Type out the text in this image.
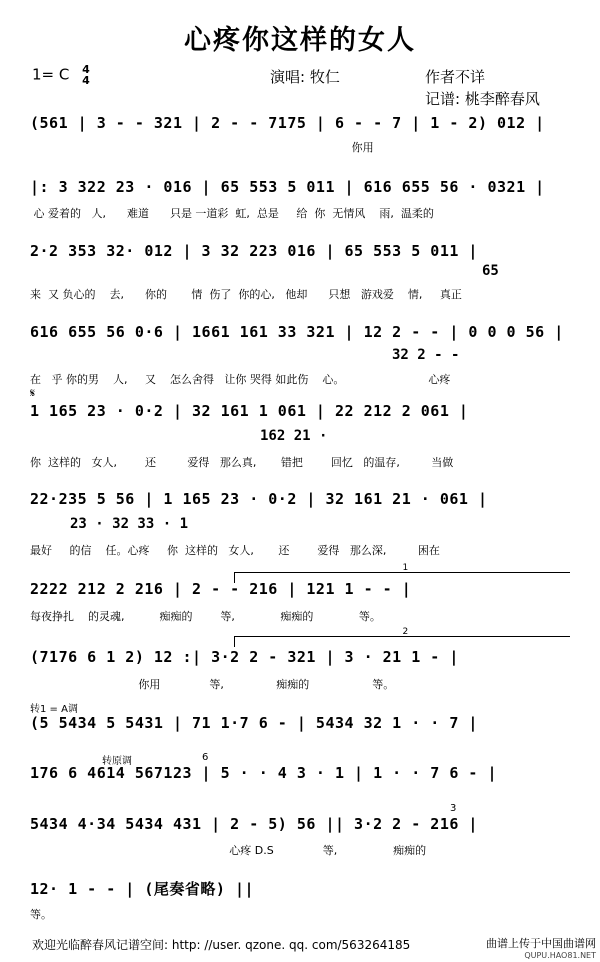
心疼你这样的女人
1= C 4
4	演唱: 牧仁	作者不详
记谱: 桃李醉春风
(561 | 3 - - 321 | 2 - - 7175 | 6 - - 7 | 1 - 2) 012 |
你用
|: 3 322 23 · 016 | 65 553 5 011 | 616 655 56 · 0321 |
心 爱着的   人,      难道      只是 一道彩  虹,  总是     给  你  无情风    雨,  温柔的
2·2 353 32· 012 | 3 32 223 016 | 65 553 5 011 |
65
来  又 负心的    去,      你的       情  伤了  你的心,   他却      只想   游戏爱    情,     真正
616 655 56 0·6 | 1661 161 33 321 | 12 2 - - | 0 0 0 56 |
32 2 - -
在   乎 你的男    人,     又    怎么舍得   让你 哭得 如此伤    心。                        心疼
𝄋
1 165 23 · 0·2 | 32 161 1 061 | 22 212 2 061 |
162 21 ·
你  这样的   女人,        还         爱得   那么真,       错把        回忆   的温存,         当做
22·235 5 56 | 1 165 23 · 0·2 | 32 161 21 · 061 |
23 · 32 33 · 1
最好     的信    任。心疼     你  这样的   女人,       还        爱得   那么深,         困在
1
2222 212 2 216 | 2 - - 216 | 121 1 - - |
每夜挣扎    的灵魂,          痴痴的        等,             痴痴的             等。
2
(7176 6 1 2) 12 :| 3·2 2 - 321 | 3 · 21 1 - |
你用              等,               痴痴的                  等。
转1 = A调
(5 5434 5 5431 | 71 1·7 6 - | 5434 32 1 · · 7 |
转原调	6
176 6 4614 567123 | 5 · · 4 3 · 1 | 1 · · 7 6 - |
3
5434 4·34 5434 431 | 2 - 5) 56 || 3·2 2 - 216 |
心疼 D.S              等,                痴痴的
12· 1 - - | (尾奏省略) ||
等。
欢迎光临醉春风记谱空间: http: //user. qzone. qq. com/563264185	曲谱上传于中国曲谱网
QUPU.HAO81.NET
